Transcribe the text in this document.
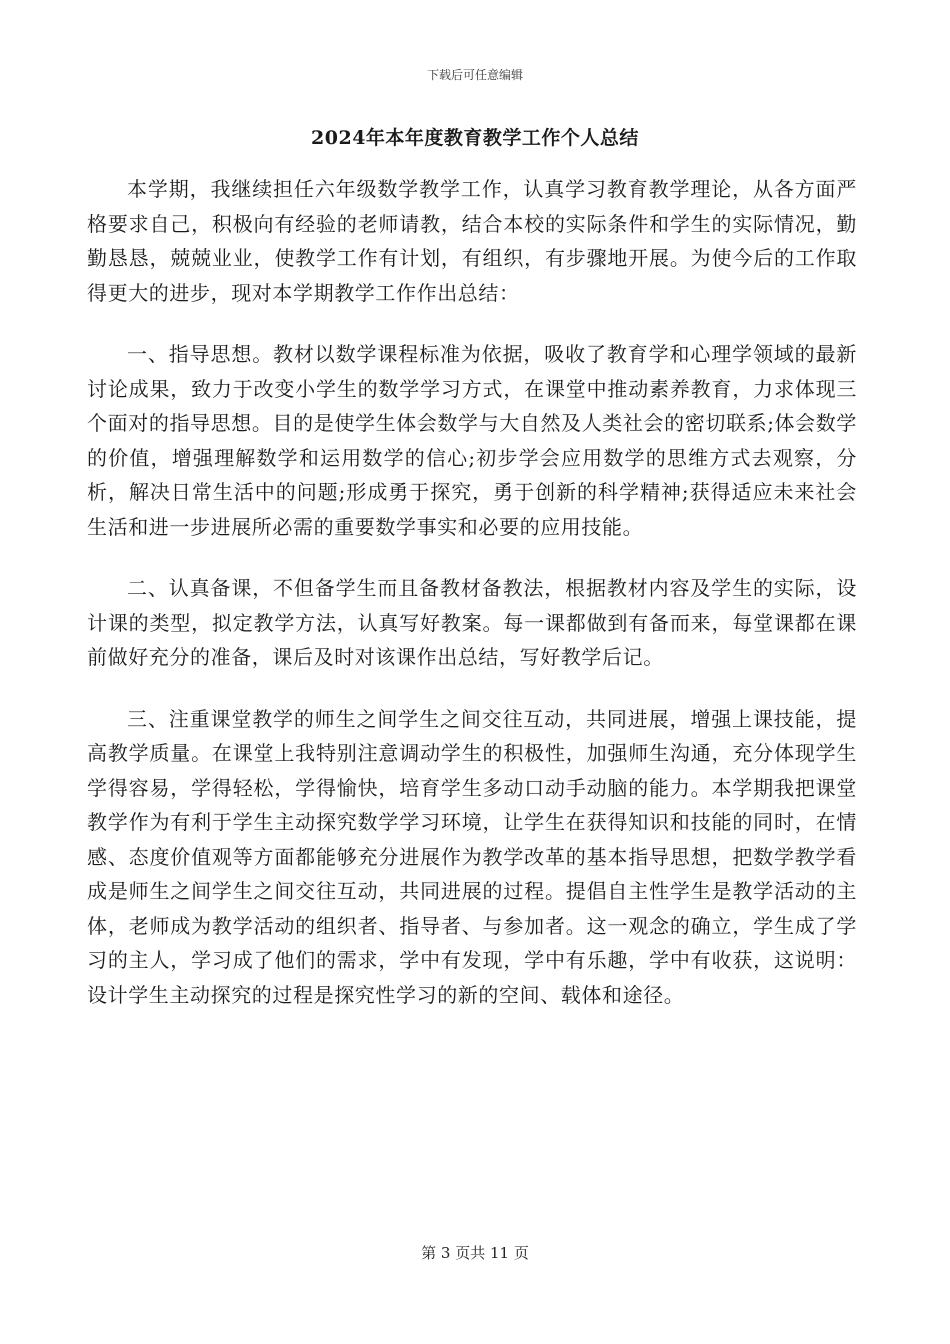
下载后可任意编辑
2024年本年度教育教学工作个人总结

本学期，我继续担任六年级数学教学工作，认真学习教育教学理论，从各方面严格要求自己，积极向有经验的老师请教，结合本校的实际条件和学生的实际情况，勤勤恳恳，兢兢业业，使教学工作有计划，有组织，有步骤地开展。为使今后的工作取得更大的进步，现对本学期教学工作作出总结：

一、指导思想。教材以数学课程标准为依据，吸收了教育学和心理学领域的最新讨论成果，致力于改变小学生的数学学习方式，在课堂中推动素养教育，力求体现三个面对的指导思想。目的是使学生体会数学与大自然及人类社会的密切联系;体会数学的价值，增强理解数学和运用数学的信心;初步学会应用数学的思维方式去观察，分析，解决日常生活中的问题;形成勇于探究，勇于创新的科学精神;获得适应未来社会生活和进一步进展所必需的重要数学事实和必要的应用技能。

二、认真备课，不但备学生而且备教材备教法，根据教材内容及学生的实际，设计课的类型，拟定教学方法，认真写好教案。每一课都做到有备而来，每堂课都在课前做好充分的准备，课后及时对该课作出总结，写好教学后记。

三、注重课堂教学的师生之间学生之间交往互动，共同进展，增强上课技能，提高教学质量。在课堂上我特别注意调动学生的积极性，加强师生沟通，充分体现学生学得容易，学得轻松，学得愉快，培育学生多动口动手动脑的能力。本学期我把课堂教学作为有利于学生主动探究数学学习环境，让学生在获得知识和技能的同时，在情感、态度价值观等方面都能够充分进展作为教学改革的基本指导思想，把数学教学看成是师生之间学生之间交往互动，共同进展的过程。提倡自主性学生是教学活动的主体，老师成为教学活动的组织者、指导者、与参加者。这一观念的确立，学生成了学习的主人，学习成了他们的需求，学中有发现，学中有乐趣，学中有收获，这说明：设计学生主动探究的过程是探究性学习的新的空间、载体和途径。

第 3 页共 11 页
